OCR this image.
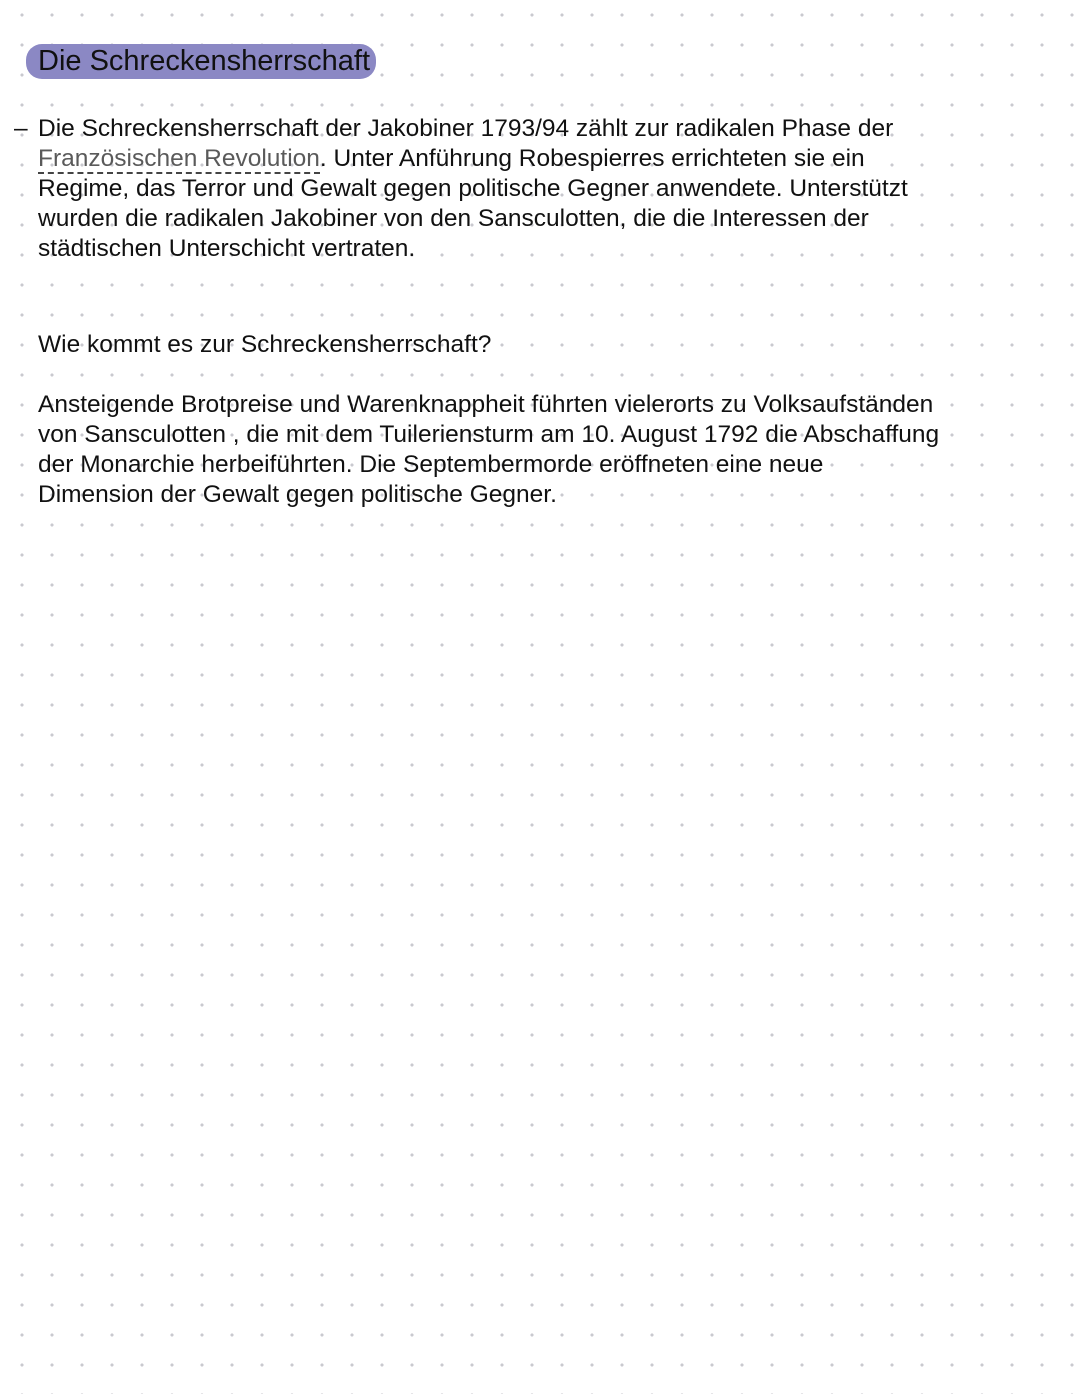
Die Schreckensherrschaft
– Die Schreckensherrschaft der Jakobiner 1793/94 zählt zur radikalen Phase der
Französischen Revolution. Unter Anführung Robespierres errichteten sie ein
Regime, das Terror und Gewalt gegen politische Gegner anwendete. Unterstützt
wurden die radikalen Jakobiner von den Sansculotten, die die Interessen der
städtischen Unterschicht vertraten.
Wie kommt es zur Schreckensherrschaft?
Ansteigende Brotpreise und Warenknappheit führten vielerorts zu Volksaufständen
von Sansculotten , die mit dem Tuileriensturm am 10. August 1792 die Abschaffung
der Monarchie herbeiführten. Die Septembermorde eröffneten eine neue
Dimension der Gewalt gegen politische Gegner.
